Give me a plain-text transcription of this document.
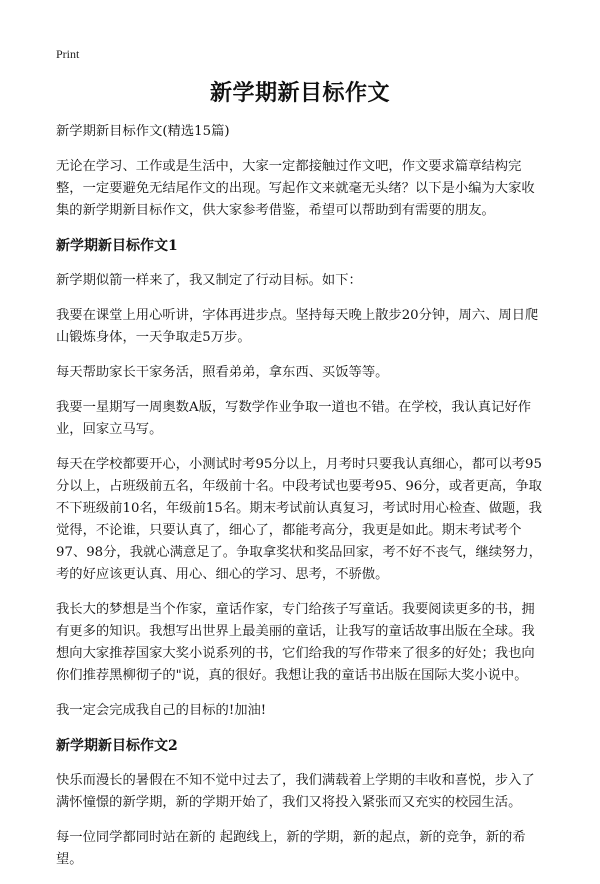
Print
新学期新目标作文

新学期新目标作文(精选15篇)

无论在学习、工作或是生活中，大家一定都接触过作文吧，作文要求篇章结构完整，一定要避免无结尾作文的出现。写起作文来就毫无头绪？以下是小编为大家收集的新学期新目标作文，供大家参考借鉴，希望可以帮助到有需要的朋友。

新学期新目标作文1

新学期似箭一样来了，我又制定了行动目标。如下：

我要在课堂上用心听讲，字体再进步点。坚持每天晚上散步20分钟，周六、周日爬山锻炼身体，一天争取走5万步。

每天帮助家长干家务活，照看弟弟，拿东西、买饭等等。

我要一星期写一周奥数A版，写数学作业争取一道也不错。在学校，我认真记好作业，回家立马写。

每天在学校都要开心，小测试时考95分以上，月考时只要我认真细心，都可以考95分以上，占班级前五名，年级前十名。中段考试也要考95、96分，或者更高，争取不下班级前10名，年级前15名。期末考试前认真复习，考试时用心检查、做题，我觉得，不论谁，只要认真了，细心了，都能考高分，我更是如此。期末考试考个97、98分，我就心满意足了。争取拿奖状和奖品回家，考不好不丧气，继续努力，考的好应该更认真、用心、细心的学习、思考，不骄傲。

我长大的梦想是当个作家，童话作家，专门给孩子写童话。我要阅读更多的书，拥有更多的知识。我想写出世界上最美丽的童话，让我写的童话故事出版在全球。我想向大家推荐国家大奖小说系列的书，它们给我的写作带来了很多的好处；我也向你们推荐黑柳彻子的"说，真的很好。我想让我的童话书出版在国际大奖小说中。

我一定会完成我自己的目标的!加油!

新学期新目标作文2

快乐而漫长的暑假在不知不觉中过去了，我们满载着上学期的丰收和喜悦，步入了满怀憧憬的新学期，新的学期开始了，我们又将投入紧张而又充实的校园生活。

每一位同学都同时站在新的 起跑线上，新的学期，新的起点，新的竞争，新的希望。
